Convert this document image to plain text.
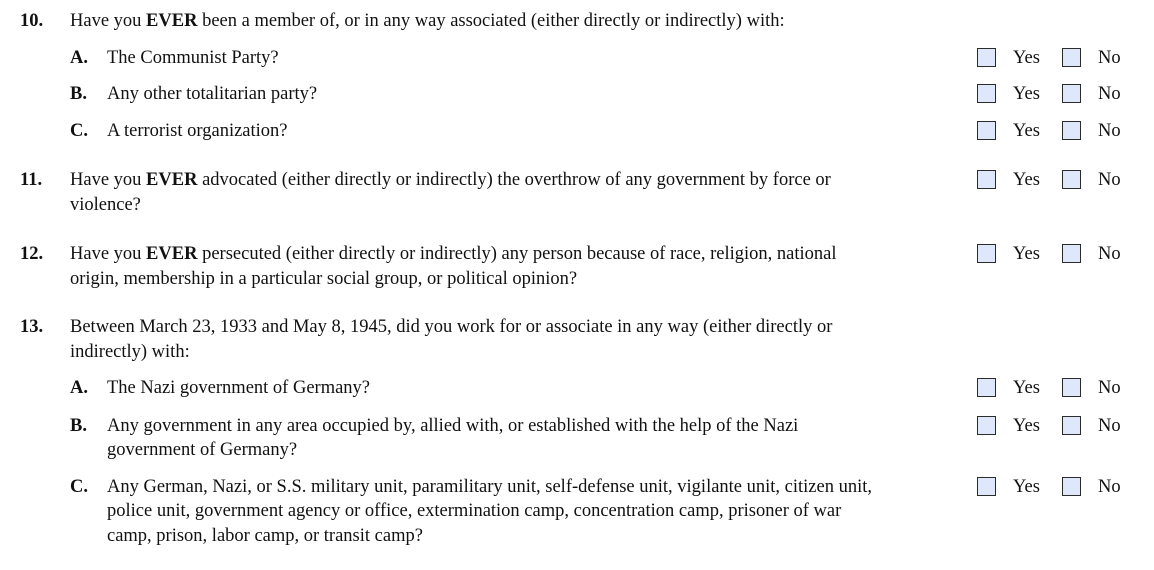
10. Have you EVER been a member of, or in any way associated (either directly or indirectly) with:
A. The Communist Party?	Yes	No
B. Any other totalitarian party?	Yes	No
C. A terrorist organization?	Yes	No
11. Have you EVER advocated (either directly or indirectly) the overthrow of any government by force or
violence?
Yes	No
12. Have you EVER persecuted (either directly or indirectly) any person because of race, religion, national
origin, membership in a particular social group, or political opinion?
Yes	No
13. Between March 23, 1933 and May 8, 1945, did you work for or associate in any way (either directly or
indirectly) with:
A. The Nazi government of Germany?	Yes	No
B. Any government in any area occupied by, allied with, or established with the help of the Nazi
government of Germany?
Yes	No
C. Any German, Nazi, or S.S. military unit, paramilitary unit, self-defense unit, vigilante unit, citizen unit,
police unit, government agency or office, extermination camp, concentration camp, prisoner of war
camp, prison, labor camp, or transit camp?
Yes	No
